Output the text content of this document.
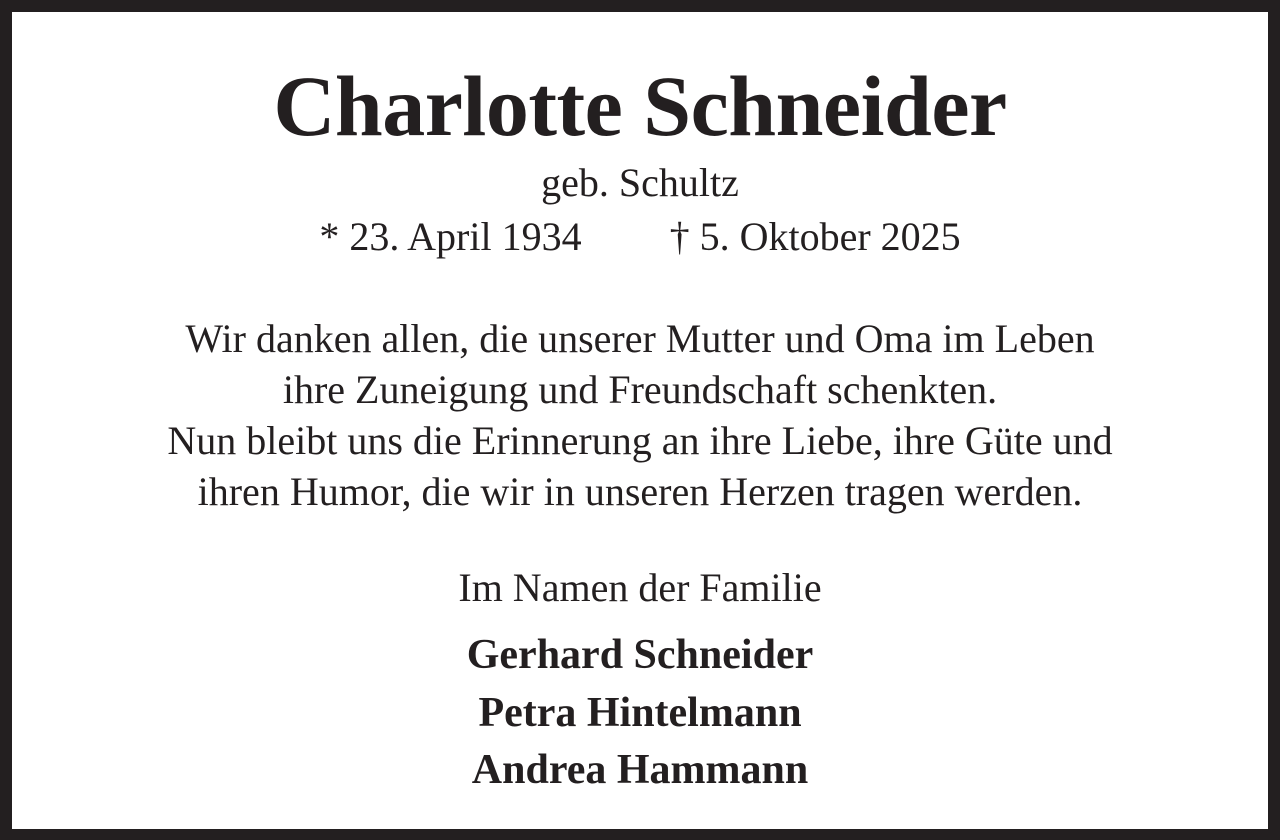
Charlotte Schneider
geb. Schultz
* 23. April 1934 † 5. Oktober 2025
Wir danken allen, die unserer Mutter und Oma im Leben
ihre Zuneigung und Freundschaft schenkten.
Nun bleibt uns die Erinnerung an ihre Liebe, ihre Güte und
ihren Humor, die wir in unseren Herzen tragen werden.
Im Namen der Familie
Gerhard Schneider
Petra Hintelmann
Andrea Hammann
